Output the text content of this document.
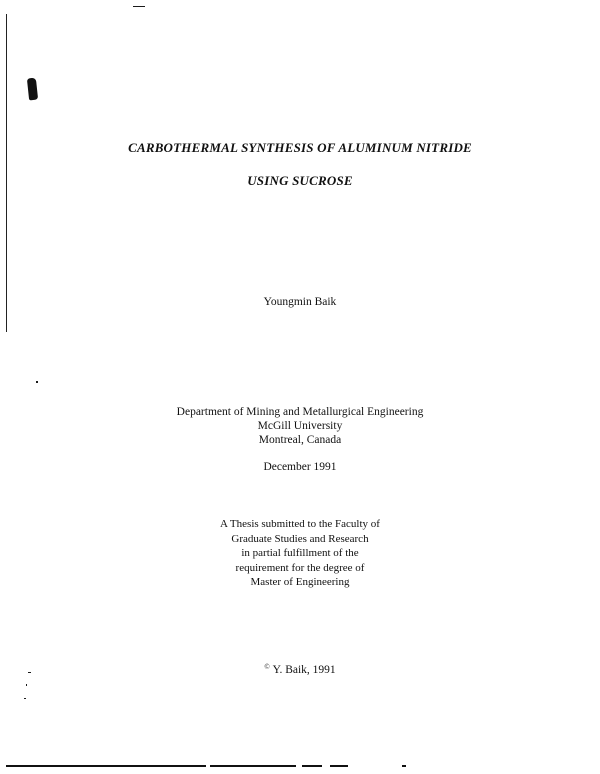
CARBOTHERMAL SYNTHESIS OF ALUMINUM NITRIDE
USING SUCROSE
Youngmin Baik
Department of Mining and Metallurgical Engineering
McGill University
Montreal, Canada
December 1991
A Thesis submitted to the Faculty of
Graduate Studies and Research
in partial fulfillment of the
requirement for the degree of
Master of Engineering
© Y. Baik, 1991
